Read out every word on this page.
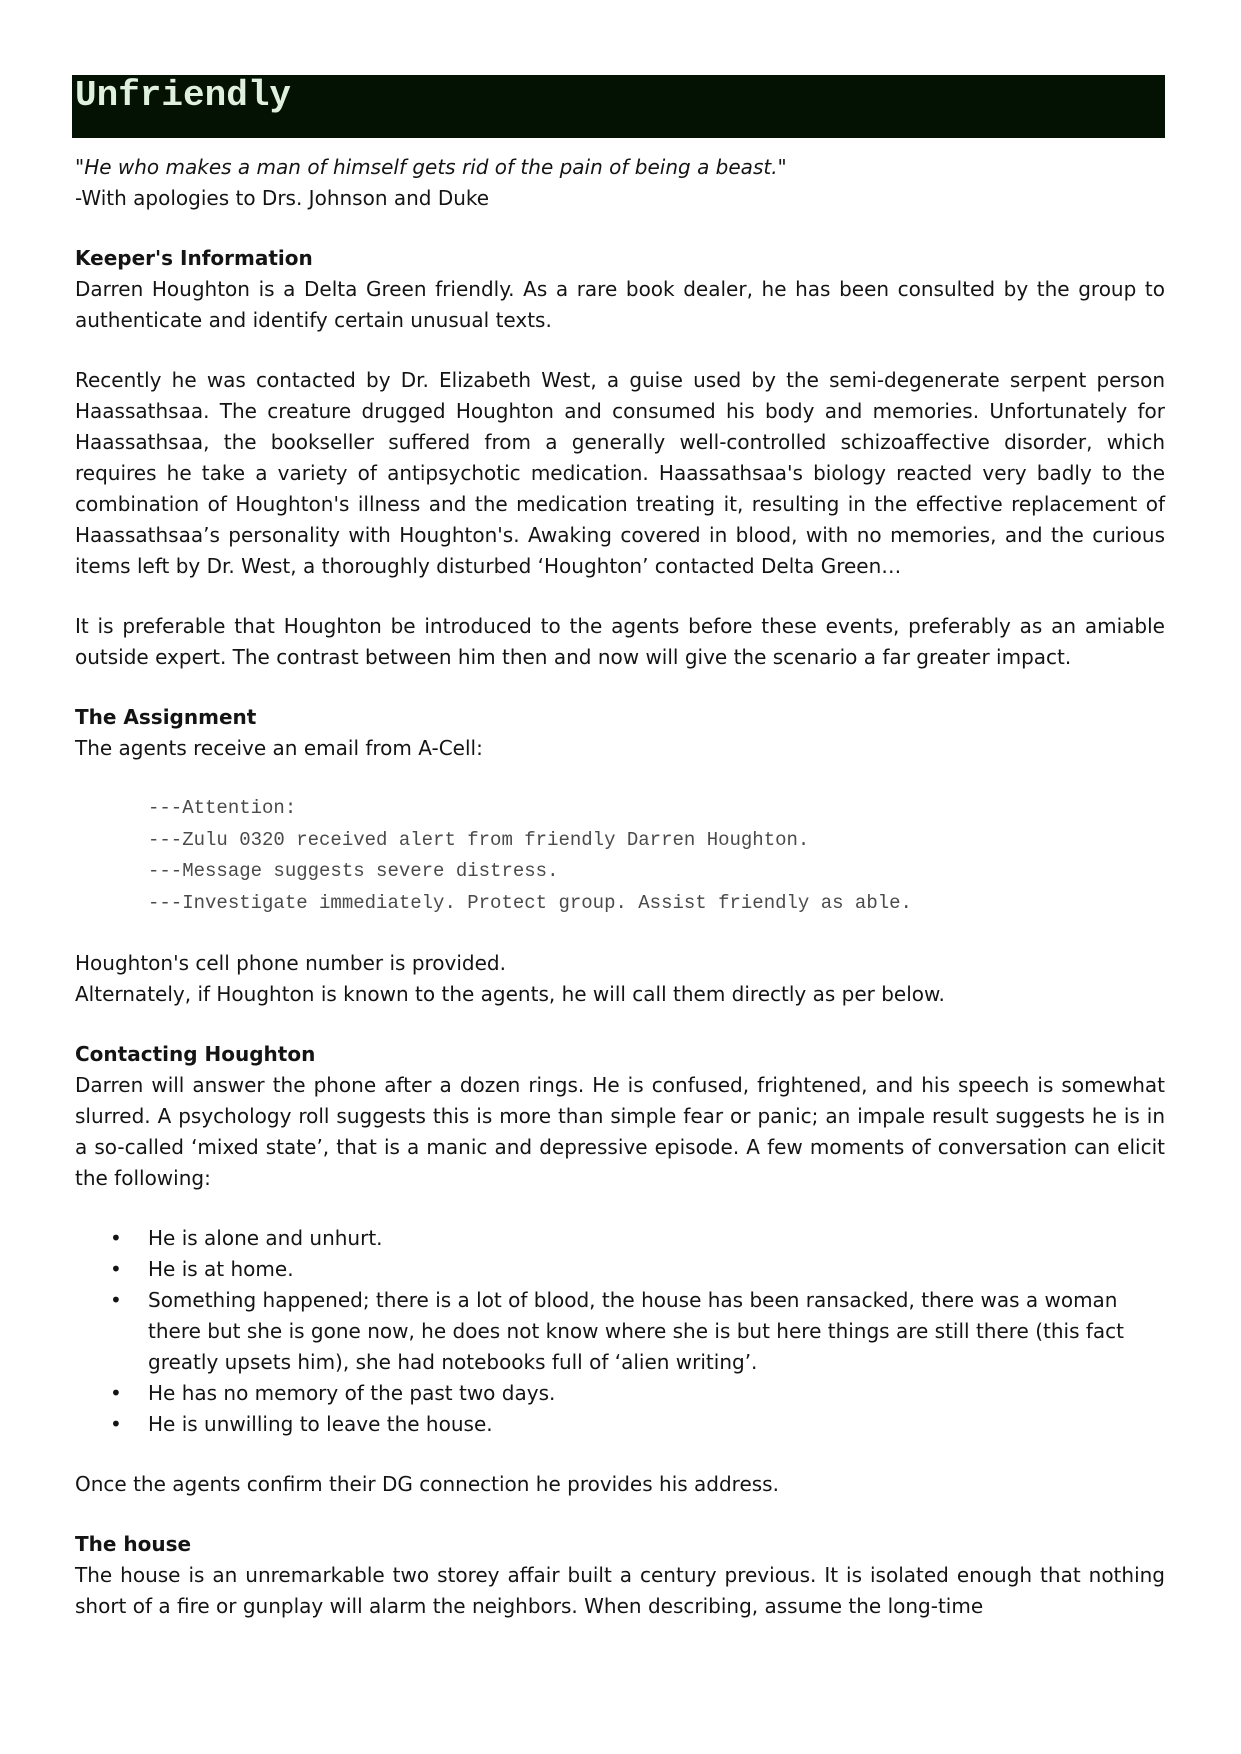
Unfriendly

"He who makes a man of himself gets rid of the pain of being a beast."

-With apologies to Drs. Johnson and Duke

Keeper's Information

Darren Houghton is a Delta Green friendly. As a rare book dealer, he has been consulted by the group to authenticate and identify certain unusual texts.

Recently he was contacted by Dr. Elizabeth West, a guise used by the semi-degenerate serpent person Haassathsaa. The creature drugged Houghton and consumed his body and memories. Unfortunately for Haassathsaa, the bookseller suffered from a generally well-controlled schizoaffective disorder, which requires he take a variety of antipsychotic medication. Haassathsaa's biology reacted very badly to the combination of Houghton's illness and the medication treating it, resulting in the effective replacement of Haassathsaa’s personality with Houghton's. Awaking covered in blood, with no memories, and the curious items left by Dr. West, a thoroughly disturbed ‘Houghton’ contacted Delta Green…

It is preferable that Houghton be introduced to the agents before these events, preferably as an amiable outside expert. The contrast between him then and now will give the scenario a far greater impact.

The Assignment

The agents receive an email from A-Cell:

---Attention:
---Zulu 0320 received alert from friendly Darren Houghton.
---Message suggests severe distress.
---Investigate immediately. Protect group. Assist friendly as able.

Houghton's cell phone number is provided.

Alternately, if Houghton is known to the agents, he will call them directly as per below.

Contacting Houghton

Darren will answer the phone after a dozen rings. He is confused, frightened, and his speech is somewhat slurred. A psychology roll suggests this is more than simple fear or panic; an impale result suggests he is in a so-called ‘mixed state’, that is a manic and depressive episode. A few moments of conversation can elicit the following:

• He is alone and unhurt.
• He is at home.
• Something happened; there is a lot of blood, the house has been ransacked, there was a woman there but she is gone now, he does not know where she is but here things are still there (this fact greatly upsets him), she had notebooks full of ‘alien writing’.
• He has no memory of the past two days.
• He is unwilling to leave the house.

Once the agents confirm their DG connection he provides his address.

The house

The house is an unremarkable two storey affair built a century previous. It is isolated enough that nothing short of a fire or gunplay will alarm the neighbors. When describing, assume the long-time
